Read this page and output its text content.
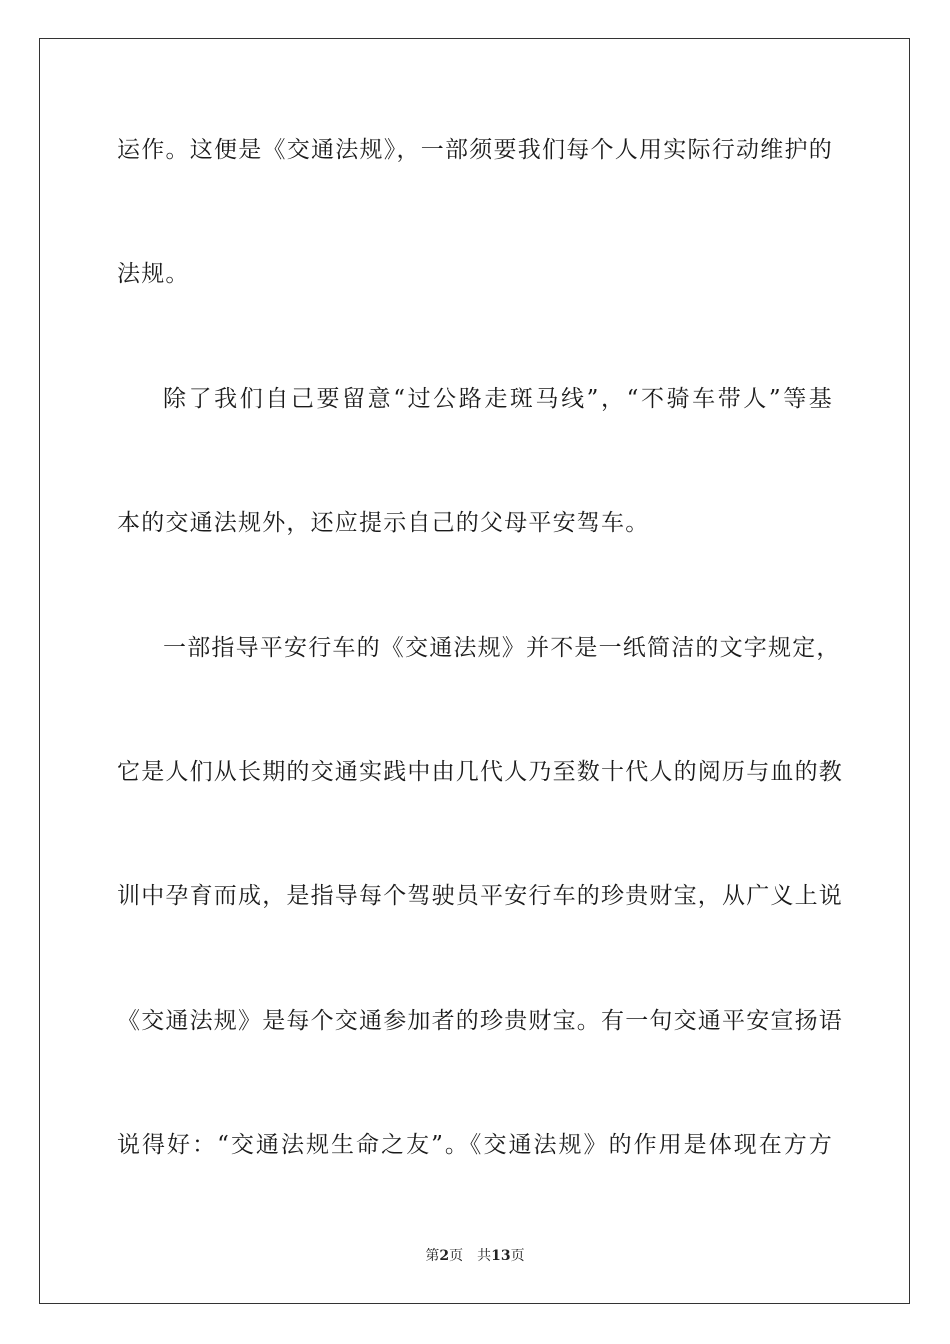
运作。这便是《交通法规》，一部须要我们每个人用实际行动维护的
法规。
除了我们自己要留意“过公路走斑马线”，“不骑车带人”等基
本的交通法规外，还应提示自己的父母平安驾车。
一部指导平安行车的《交通法规》并不是一纸简洁的文字规定，
它是人们从长期的交通实践中由几代人乃至数十代人的阅历与血的教
训中孕育而成，是指导每个驾驶员平安行车的珍贵财宝，从广义上说
《交通法规》是每个交通参加者的珍贵财宝。有一句交通平安宣扬语
说得好：“交通法规生命之友”。《交通法规》的作用是体现在方方
第2页 共13页
